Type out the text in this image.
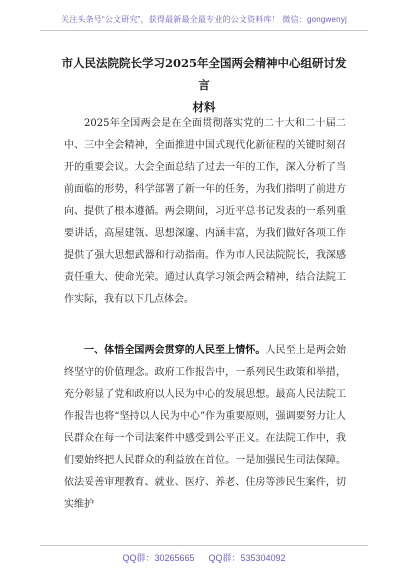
关注头条号“公文研究”，获得最新最全最专业的公文资料库！ 微信：gongwenyj
市人民法院院长学习2025年全国两会精神中心组研讨发言
材料
2025年全国两会是在全面贯彻落实党的二十大和二十届二中、三中全会精神，全面推进中国式现代化新征程的关键时刻召开的重要会议。大会全面总结了过去一年的工作，深入分析了当前面临的形势，科学部署了新一年的任务，为我们指明了前进方向、提供了根本遵循。两会期间，习近平总书记发表的一系列重要讲话，高屋建瓴、思想深邃、内涵丰富，为我们做好各项工作提供了强大思想武器和行动指南。作为市人民法院院长，我深感责任重大、使命光荣。通过认真学习领会两会精神，结合法院工作实际，我有以下几点体会。
一、体悟全国两会贯穿的人民至上情怀。人民至上是两会始终坚守的价值理念。政府工作报告中，一系列民生政策和举措，充分彰显了党和政府以人民为中心的发展思想。最高人民法院工作报告也将“坚持以人民为中心”作为重要原则，强调要努力让人民群众在每一个司法案件中感受到公平正义。在法院工作中，我们要始终把人民群众的利益放在首位。一是加强民生司法保障。依法妥善审理教育、就业、医疗、养老、住房等涉民生案件，切实维护
QQ群：30265665 QQ群：535304092
